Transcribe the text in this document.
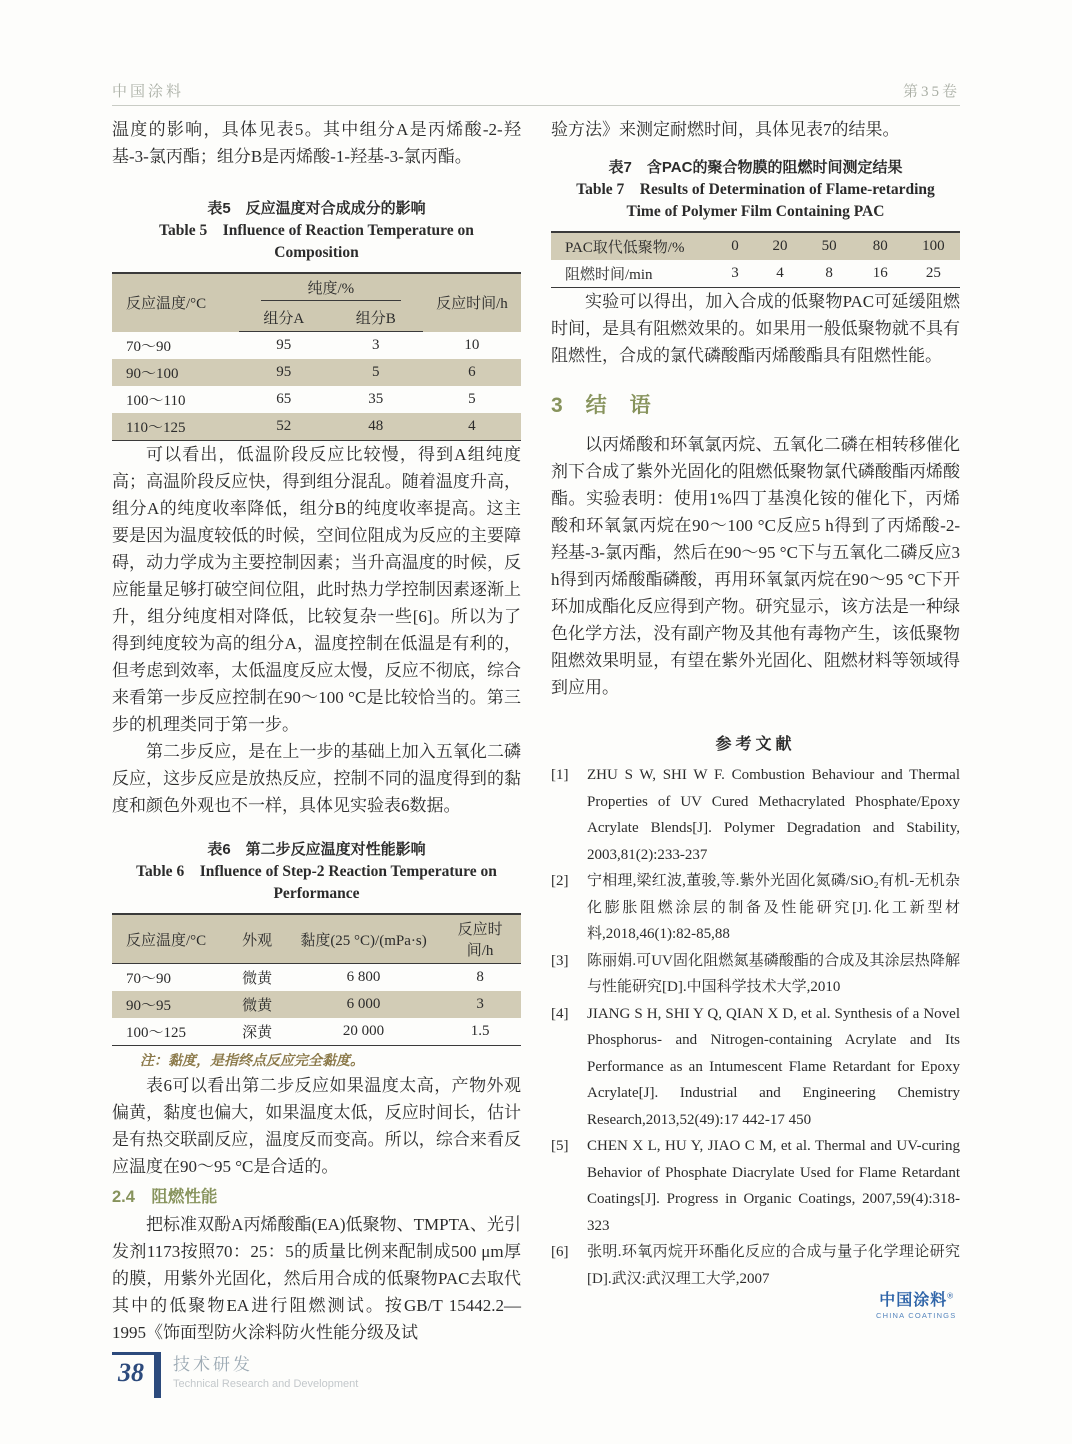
中国涂料	第35卷

温度的影响，具体见表5。其中组分A是丙烯酸-2-羟基-3-氯丙酯；组分B是丙烯酸-1-羟基-3-氯丙酯。

表5　反应温度对合成成分的影响
Table 5　Influence of Reaction Temperature on
Composition
反应温度/°C	纯度/%		反应时间/h
	组分A	组分B	
70～90	95	3	10
90～100	95	5	6
100～110	65	35	5
110～125	52	48	4

可以看出，低温阶段反应比较慢，得到A组纯度高；高温阶段反应快，得到组分混乱。随着温度升高，组分A的纯度收率降低，组分B的纯度收率提高。这主要是因为温度较低的时候，空间位阻成为反应的主要障碍，动力学成为主要控制因素；当升高温度的时候，反应能量足够打破空间位阻，此时热力学控制因素逐渐上升，组分纯度相对降低，比较复杂一些[6]。所以为了得到纯度较为高的组分A，温度控制在低温是有利的，但考虑到效率，太低温度反应太慢，反应不彻底，综合来看第一步反应控制在90～100 °C是比较恰当的。第三步的机理类同于第一步。

第二步反应，是在上一步的基础上加入五氧化二磷反应，这步反应是放热反应，控制不同的温度得到的黏度和颜色外观也不一样，具体见实验表6数据。

表6　第二步反应温度对性能影响
Table 6　Influence of Step-2 Reaction Temperature on
Performance
反应温度/°C	外观	黏度(25 °C)/(mPa·s)	反应时间/h
70～90	微黄	6 800	8
90～95	微黄	6 000	3
100～125	深黄	20 000	1.5

注：黏度，是指终点反应完全黏度。

表6可以看出第二步反应如果温度太高，产物外观偏黄，黏度也偏大，如果温度太低，反应时间长，估计是有热交联副反应，温度反而变高。所以，综合来看反应温度在90～95 °C是合适的。

2.4　阻燃性能

把标准双酚A丙烯酸酯(EA)低聚物、TMPTA、光引发剂1173按照70：25：5的质量比例来配制成500 μm厚的膜，用紫外光固化，然后用合成的低聚物PAC去取代其中的低聚物EA进行阻燃测试。按GB/T 15442.2—1995《饰面型防火涂料防火性能分级及试

验方法》来测定耐燃时间，具体见表7的结果。

表7　含PAC的聚合物膜的阻燃时间测定结果
Table 7　Results of Determination of Flame-retarding
Time of Polymer Film Containing PAC
PAC取代低聚物/%	0	20	50	80	100
阻燃时间/min	3	4	8	16	25

实验可以得出，加入合成的低聚物PAC可延缓阻燃时间，是具有阻燃效果的。如果用一般低聚物就不具有阻燃性，合成的氯代磷酸酯丙烯酸酯具有阻燃性能。

3　结　语

以丙烯酸和环氧氯丙烷、五氧化二磷在相转移催化剂下合成了紫外光固化的阻燃低聚物氯代磷酸酯丙烯酸酯。实验表明：使用1%四丁基溴化铵的催化下，丙烯酸和环氧氯丙烷在90～100 °C反应5 h得到了丙烯酸-2-羟基-3-氯丙酯，然后在90～95 °C下与五氧化二磷反应3 h得到丙烯酸酯磷酸，再用环氧氯丙烷在90～95 °C下开环加成酯化反应得到产物。研究显示，该方法是一种绿色化学方法，没有副产物及其他有毒物产生，该低聚物阻燃效果明显，有望在紫外光固化、阻燃材料等领域得到应用。

参考文献
[1]	ZHU S W, SHI W F. Combustion Behaviour and Thermal Properties of UV Cured Methacrylated Phosphate/Epoxy Acrylate Blends[J]. Polymer Degradation and Stability, 2003,81(2):233-237
[2]	宁相理,梁红波,董骏,等.紫外光固化氮磷/SiO₂有机-无机杂化膨胀阻燃涂层的制备及性能研究[J].化工新型材料,2018,46(1):82-85,88
[3]	陈丽娟.可UV固化阻燃氮基磷酸酯的合成及其涂层热降解与性能研究[D].中国科学技术大学,2010
[4]	JIANG S H, SHI Y Q, QIAN X D, et al. Synthesis of a Novel Phosphorus- and Nitrogen-containing Acrylate and Its Performance as an Intumescent Flame Retardant for Epoxy Acrylate[J]. Industrial and Engineering Chemistry Research,2013,52(49):17 442-17 450
[5]	CHEN X L, HU Y, JIAO C M, et al. Thermal and UV-curing Behavior of Phosphate Diacrylate Used for Flame Retardant Coatings[J]. Progress in Organic Coatings, 2007,59(4):318-323
[6]	张明.环氧丙烷开环酯化反应的合成与量子化学理论研究[D].武汉:武汉理工大学,2007
中国涂料®
CHINA COATINGS
38	技术研发
Technical Research and Development
